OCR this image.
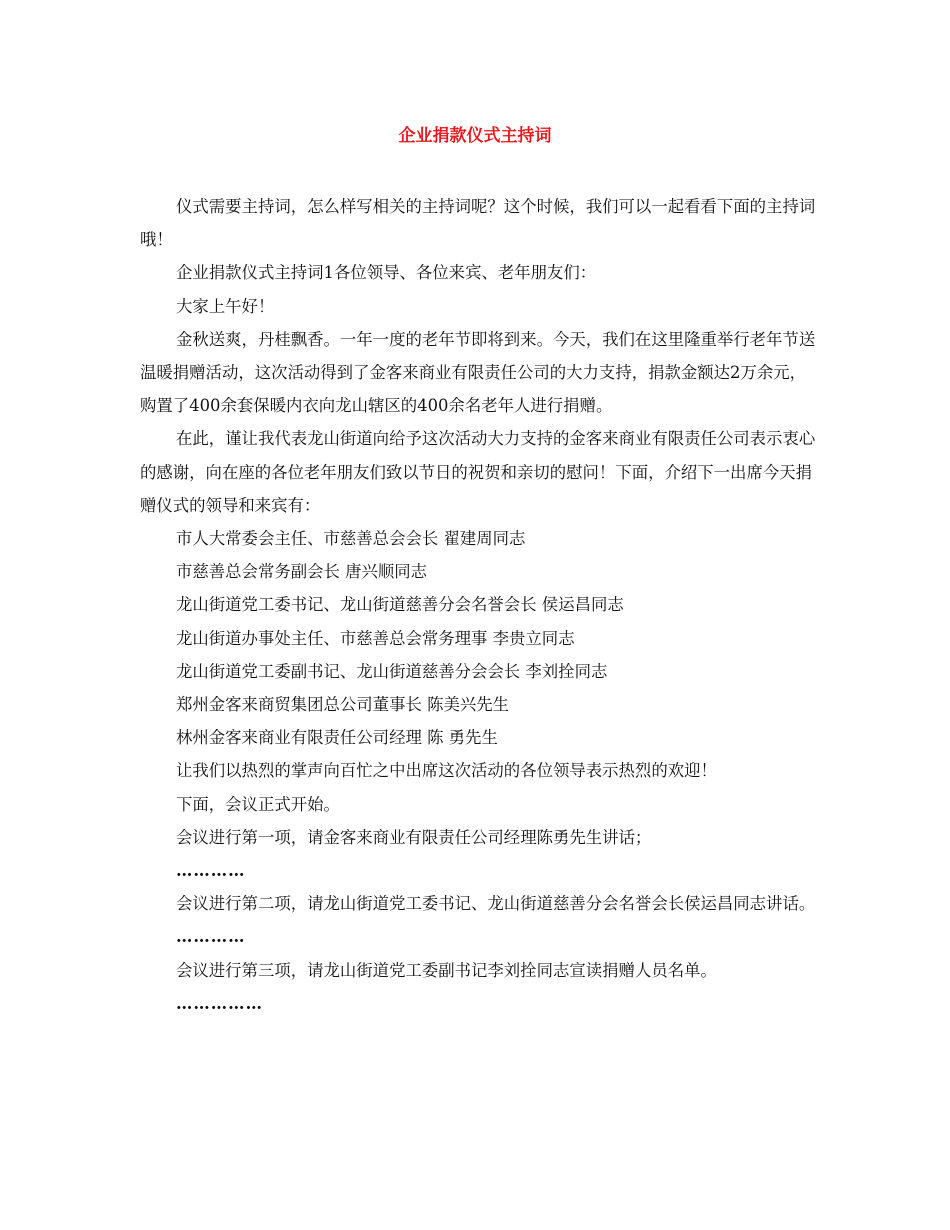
企业捐款仪式主持词

仪式需要主持词，怎么样写相关的主持词呢？这个时候，我们可以一起看看下面的主持词哦！

企业捐款仪式主持词1各位领导、各位来宾、老年朋友们：

大家上午好！

金秋送爽，丹桂飘香。一年一度的老年节即将到来。今天，我们在这里隆重举行老年节送温暖捐赠活动，这次活动得到了金客来商业有限责任公司的大力支持，捐款金额达2万余元，购置了400余套保暖内衣向龙山辖区的400余名老年人进行捐赠。

在此，谨让我代表龙山街道向给予这次活动大力支持的金客来商业有限责任公司表示衷心的感谢，向在座的各位老年朋友们致以节日的祝贺和亲切的慰问！下面，介绍下一出席今天捐赠仪式的领导和来宾有：

市人大常委会主任、市慈善总会会长 翟建周同志

市慈善总会常务副会长 唐兴顺同志

龙山街道党工委书记、龙山街道慈善分会名誉会长 侯运昌同志

龙山街道办事处主任、市慈善总会常务理事 李贵立同志

龙山街道党工委副书记、龙山街道慈善分会会长 李刘拴同志

郑州金客来商贸集团总公司董事长 陈美兴先生

林州金客来商业有限责任公司经理 陈 勇先生

让我们以热烈的掌声向百忙之中出席这次活动的各位领导表示热烈的欢迎！

下面，会议正式开始。

会议进行第一项，请金客来商业有限责任公司经理陈勇先生讲话；

…………

会议进行第二项，请龙山街道党工委书记、龙山街道慈善分会名誉会长侯运昌同志讲话。

…………

会议进行第三项，请龙山街道党工委副书记李刘拴同志宣读捐赠人员名单。

……………
